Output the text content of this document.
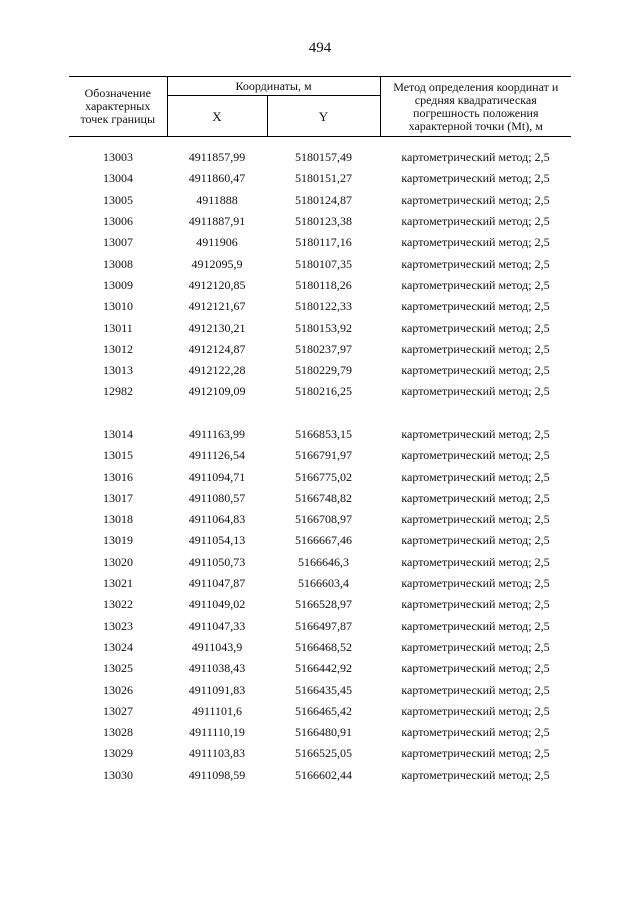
494
Обозначение характерных точек границы	Координаты, м		Метод определения координат и средняя квадратическая погрешность положения характерной точки (Mt), м
	X	Y	
13003	4911857,99	5180157,49	картометрический метод; 2,5
13004	4911860,47	5180151,27	картометрический метод; 2,5
13005	4911888	5180124,87	картометрический метод; 2,5
13006	4911887,91	5180123,38	картометрический метод; 2,5
13007	4911906	5180117,16	картометрический метод; 2,5
13008	4912095,9	5180107,35	картометрический метод; 2,5
13009	4912120,85	5180118,26	картометрический метод; 2,5
13010	4912121,67	5180122,33	картометрический метод; 2,5
13011	4912130,21	5180153,92	картометрический метод; 2,5
13012	4912124,87	5180237,97	картометрический метод; 2,5
13013	4912122,28	5180229,79	картометрический метод; 2,5
12982	4912109,09	5180216,25	картометрический метод; 2,5
13014	4911163,99	5166853,15	картометрический метод; 2,5
13015	4911126,54	5166791,97	картометрический метод; 2,5
13016	4911094,71	5166775,02	картометрический метод; 2,5
13017	4911080,57	5166748,82	картометрический метод; 2,5
13018	4911064,83	5166708,97	картометрический метод; 2,5
13019	4911054,13	5166667,46	картометрический метод; 2,5
13020	4911050,73	5166646,3	картометрический метод; 2,5
13021	4911047,87	5166603,4	картометрический метод; 2,5
13022	4911049,02	5166528,97	картометрический метод; 2,5
13023	4911047,33	5166497,87	картометрический метод; 2,5
13024	4911043,9	5166468,52	картометрический метод; 2,5
13025	4911038,43	5166442,92	картометрический метод; 2,5
13026	4911091,83	5166435,45	картометрический метод; 2,5
13027	4911101,6	5166465,42	картометрический метод; 2,5
13028	4911110,19	5166480,91	картометрический метод; 2,5
13029	4911103,83	5166525,05	картометрический метод; 2,5
13030	4911098,59	5166602,44	картометрический метод; 2,5
